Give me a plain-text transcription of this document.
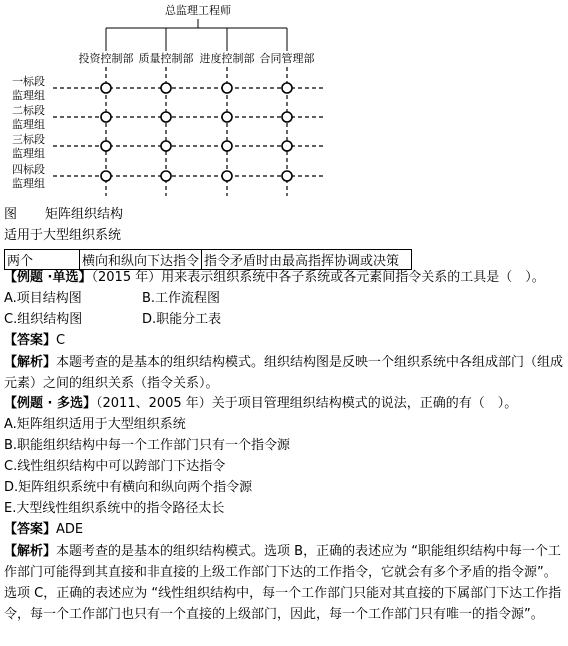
总监理工程师
投资控制部 质量控制部 进度控制部 合同管理部
一标段
监理组
二标段
监理组
三标段
监理组
四标段
监理组
图 矩阵组织结构
适用于大型组织系统
两个	横向和纵向下达指令	指令矛盾时由最高指挥协调或决策
【例题 ·单选】（2015 年）用来表示组织系统中各子系统或各元素间指令关系的工具是（　）。
A.项目结构图	B.工作流程图
C.组织结构图	D.职能分工表
【答案】C
【解析】本题考查的是基本的组织结构模式。组织结构图是反映一个组织系统中各组成部门（组成元素）之间的组织关系（指令关系）。
【例题 · 多选】（2011、2005 年）关于项目管理组织结构模式的说法，正确的有（　）。
A.矩阵组织适用于大型组织系统
B.职能组织结构中每一个工作部门只有一个指令源
C.线性组织结构中可以跨部门下达指令
D.矩阵组织系统中有横向和纵向两个指令源
E.大型线性组织系统中的指令路径太长
【答案】ADE
【解析】本题考查的是基本的组织结构模式。选项 B，正确的表述应为 “职能组织结构中每一个工作部门可能得到其直接和非直接的上级工作部门下达的工作指令，它就会有多个矛盾的指令源”。选项 C，正确的表述应为 “线性组织结构中，每一个工作部门只能对其直接的下属部门下达工作指令，每一个工作部门也只有一个直接的上级部门，因此，每一个工作部门只有唯一的指令源”。
